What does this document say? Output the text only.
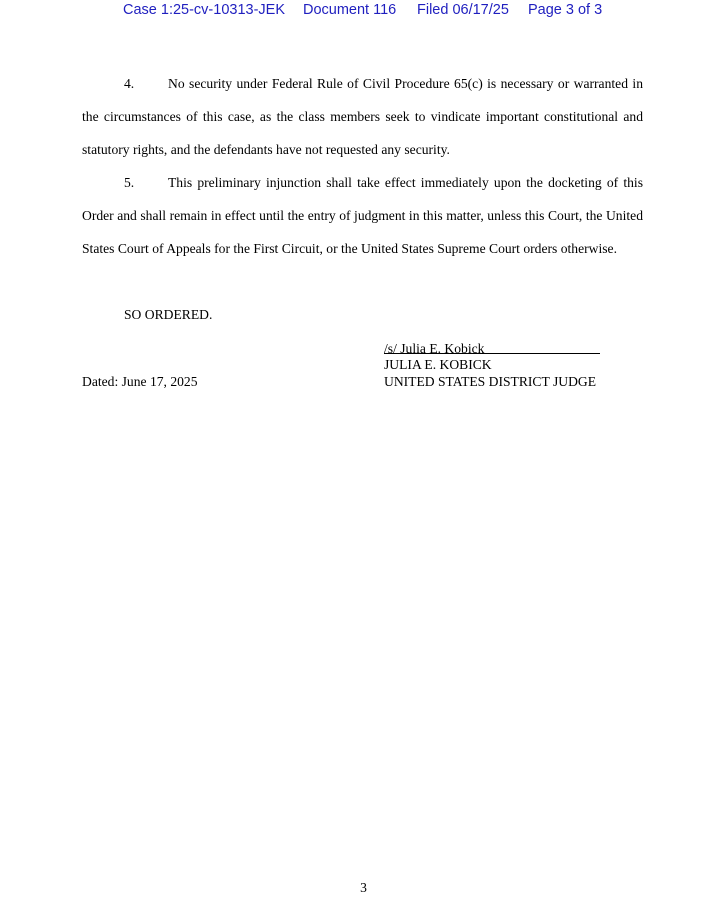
Case 1:25-cv-10313-JEK Document 116 Filed 06/17/25 Page 3 of 3
4. No security under Federal Rule of Civil Procedure 65(c) is necessary or warranted in the circumstances of this case, as the class members seek to vindicate important constitutional and statutory rights, and the defendants have not requested any security.
5. This preliminary injunction shall take effect immediately upon the docketing of this Order and shall remain in effect until the entry of judgment in this matter, unless this Court, the United States Court of Appeals for the First Circuit, or the United States Supreme Court orders otherwise.
SO ORDERED.
/s/ Julia E. Kobick
JULIA E. KOBICK
UNITED STATES DISTRICT JUDGE
Dated: June 17, 2025
3
